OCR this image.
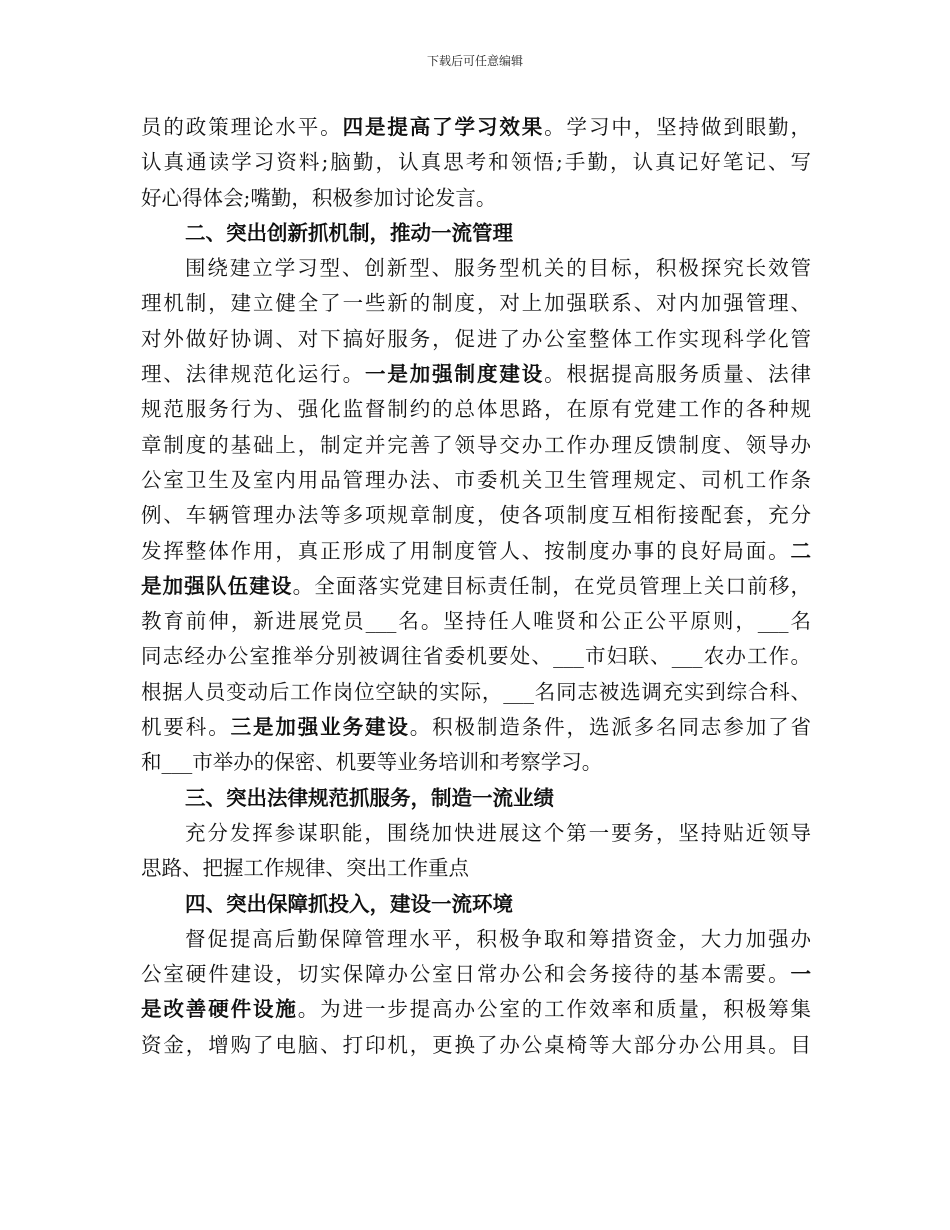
下载后可任意编辑
员的政策理论水平。四是提高了学习效果。学习中，坚持做到眼勤，
认真通读学习资料;脑勤，认真思考和领悟;手勤，认真记好笔记、写
好心得体会;嘴勤，积极参加讨论发言。
二、突出创新抓机制，推动一流管理
围绕建立学习型、创新型、服务型机关的目标，积极探究长效管
理机制，建立健全了一些新的制度，对上加强联系、对内加强管理、
对外做好协调、对下搞好服务，促进了办公室整体工作实现科学化管
理、法律规范化运行。一是加强制度建设。根据提高服务质量、法律
规范服务行为、强化监督制约的总体思路，在原有党建工作的各种规
章制度的基础上，制定并完善了领导交办工作办理反馈制度、领导办
公室卫生及室内用品管理办法、市委机关卫生管理规定、司机工作条
例、车辆管理办法等多项规章制度，使各项制度互相衔接配套，充分
发挥整体作用，真正形成了用制度管人、按制度办事的良好局面。二
是加强队伍建设。全面落实党建目标责任制，在党员管理上关口前移，
教育前伸，新进展党员___名。坚持任人唯贤和公正公平原则，___名
同志经办公室推举分别被调往省委机要处、___市妇联、___农办工作。
根据人员变动后工作岗位空缺的实际，___名同志被选调充实到综合科、
机要科。三是加强业务建设。积极制造条件，选派多名同志参加了省
和___市举办的保密、机要等业务培训和考察学习。
三、突出法律规范抓服务，制造一流业绩
充分发挥参谋职能，围绕加快进展这个第一要务，坚持贴近领导
思路、把握工作规律、突出工作重点
四、突出保障抓投入，建设一流环境
督促提高后勤保障管理水平，积极争取和筹措资金，大力加强办
公室硬件建设，切实保障办公室日常办公和会务接待的基本需要。一
是改善硬件设施。为进一步提高办公室的工作效率和质量，积极筹集
资金，增购了电脑、打印机，更换了办公桌椅等大部分办公用具。目
